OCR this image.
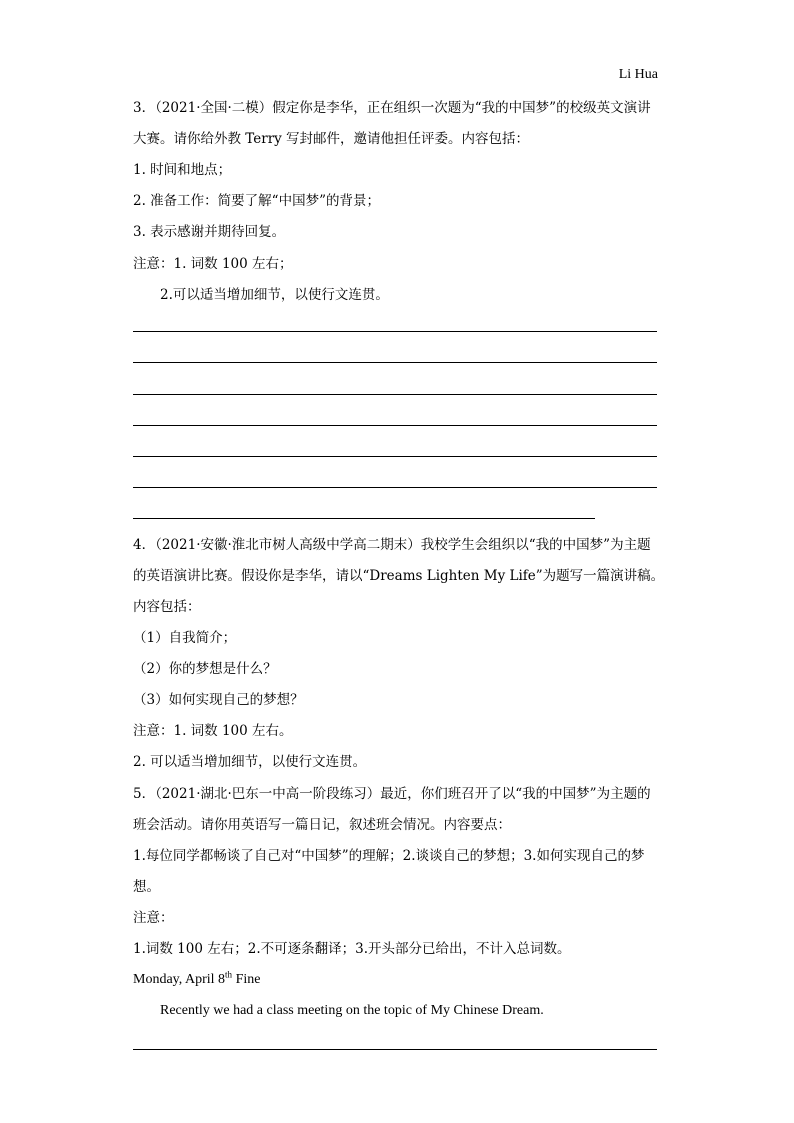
Li Hua
3．（2021·全国·二模）假定你是李华，正在组织一次题为“我的中国梦”的校级英文演讲
大赛。请你给外教 Terry 写封邮件，邀请他担任评委。内容包括：
1. 时间和地点；
2. 准备工作：简要了解“中国梦”的背景；
3. 表示感谢并期待回复。
注意：1. 词数 100 左右；
2.可以适当增加细节，以使行文连贯。
4．（2021·安徽·淮北市树人高级中学高二期末）我校学生会组织以“我的中国梦”为主题
的英语演讲比赛。假设你是李华，请以“Dreams Lighten My Life”为题写一篇演讲稿。
内容包括：
（1）自我简介；
（2）你的梦想是什么？
（3）如何实现自己的梦想？
注意：1. 词数 100 左右。
2. 可以适当增加细节，以使行文连贯。
5．（2021·湖北·巴东一中高一阶段练习）最近，你们班召开了以“我的中国梦”为主题的
班会活动。请你用英语写一篇日记，叙述班会情况。内容要点：
1.每位同学都畅谈了自己对“中国梦”的理解；2.谈谈自己的梦想；3.如何实现自己的梦
想。
注意：
1.词数 100 左右；2.不可逐条翻译；3.开头部分已给出，不计入总词数。
Monday, April 8th Fine
Recently we had a class meeting on the topic of My Chinese Dream.
